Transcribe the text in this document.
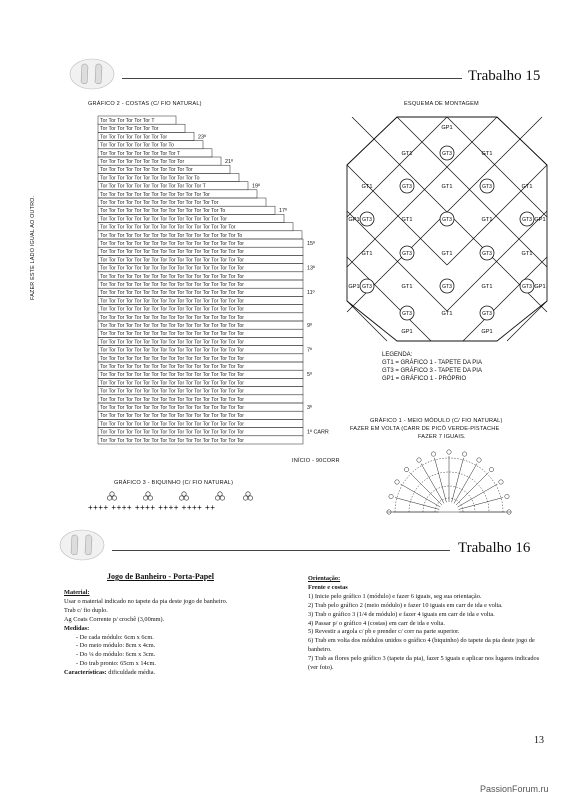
Trabalho 15
GRÁFICO 2 - COSTAS (C/ FIO NATURAL)
FAZER ESTE LADO IGUAL AO OUTRO.
Tor Tor Tor Tor Tor Tor T
Tor Tor Tor Tor Tor Tor Tor
Tor Tor Tor Tor Tor Tor Tor Tor
Tor Tor Tor Tor Tor Tor Tor Tor To
Tor Tor Tor Tor Tor Tor Tor Tor Tor T
Tor Tor Tor Tor Tor Tor Tor Tor Tor Tor
Tor Tor Tor Tor Tor Tor Tor Tor Tor Tor Tor
Tor Tor Tor Tor Tor Tor Tor Tor Tor Tor Tor To
Tor Tor Tor Tor Tor Tor Tor Tor Tor Tor Tor Tor T
Tor Tor Tor Tor Tor Tor Tor Tor Tor Tor Tor Tor Tor
Tor Tor Tor Tor Tor Tor Tor Tor Tor Tor Tor Tor Tor Tor
Tor Tor Tor Tor Tor Tor Tor Tor Tor Tor Tor Tor Tor Tor To
Tor Tor Tor Tor Tor Tor Tor Tor Tor Tor Tor Tor Tor Tor Tor
Tor Tor Tor Tor Tor Tor Tor Tor Tor Tor Tor Tor Tor Tor Tor Tor
Tor Tor Tor Tor Tor Tor Tor Tor Tor Tor Tor Tor Tor Tor Tor Tor To
Tor Tor Tor Tor Tor Tor Tor Tor Tor Tor Tor Tor Tor Tor Tor Tor Tor
Tor Tor Tor Tor Tor Tor Tor Tor Tor Tor Tor Tor Tor Tor Tor Tor Tor
Tor Tor Tor Tor Tor Tor Tor Tor Tor Tor Tor Tor Tor Tor Tor Tor Tor
Tor Tor Tor Tor Tor Tor Tor Tor Tor Tor Tor Tor Tor Tor Tor Tor Tor
Tor Tor Tor Tor Tor Tor Tor Tor Tor Tor Tor Tor Tor Tor Tor Tor Tor
Tor Tor Tor Tor Tor Tor Tor Tor Tor Tor Tor Tor Tor Tor Tor Tor Tor
Tor Tor Tor Tor Tor Tor Tor Tor Tor Tor Tor Tor Tor Tor Tor Tor Tor
Tor Tor Tor Tor Tor Tor Tor Tor Tor Tor Tor Tor Tor Tor Tor Tor Tor
Tor Tor Tor Tor Tor Tor Tor Tor Tor Tor Tor Tor Tor Tor Tor Tor Tor
Tor Tor Tor Tor Tor Tor Tor Tor Tor Tor Tor Tor Tor Tor Tor Tor Tor
Tor Tor Tor Tor Tor Tor Tor Tor Tor Tor Tor Tor Tor Tor Tor Tor Tor
Tor Tor Tor Tor Tor Tor Tor Tor Tor Tor Tor Tor Tor Tor Tor Tor Tor
Tor Tor Tor Tor Tor Tor Tor Tor Tor Tor Tor Tor Tor Tor Tor Tor Tor
Tor Tor Tor Tor Tor Tor Tor Tor Tor Tor Tor Tor Tor Tor Tor Tor Tor
Tor Tor Tor Tor Tor Tor Tor Tor Tor Tor Tor Tor Tor Tor Tor Tor Tor
Tor Tor Tor Tor Tor Tor Tor Tor Tor Tor Tor Tor Tor Tor Tor Tor Tor
Tor Tor Tor Tor Tor Tor Tor Tor Tor Tor Tor Tor Tor Tor Tor Tor Tor
Tor Tor Tor Tor Tor Tor Tor Tor Tor Tor Tor Tor Tor Tor Tor Tor Tor
Tor Tor Tor Tor Tor Tor Tor Tor Tor Tor Tor Tor Tor Tor Tor Tor Tor
Tor Tor Tor Tor Tor Tor Tor Tor Tor Tor Tor Tor Tor Tor Tor Tor Tor
Tor Tor Tor Tor Tor Tor Tor Tor Tor Tor Tor Tor Tor Tor Tor Tor Tor
Tor Tor Tor Tor Tor Tor Tor Tor Tor Tor Tor Tor Tor Tor Tor Tor Tor
Tor Tor Tor Tor Tor Tor Tor Tor Tor Tor Tor Tor Tor Tor Tor Tor Tor
Tor Tor Tor Tor Tor Tor Tor Tor Tor Tor Tor Tor Tor Tor Tor Tor Tor
Tor Tor Tor Tor Tor Tor Tor Tor Tor Tor Tor Tor Tor Tor Tor Tor Tor
23º
21º
19º
17º
15º
13º
11º
9º
7º
5º
3º
1º CARR
INÍCIO - 90CORR
ESQUEMA DE MONTAGEM
GT3
GT3	GT3
GT3	GT3	GT3
GT3	GT3
GT3	GT3	GT3
GT3	GT3
GP1
GT1	GT1
GT1
GT1	GT1
GT1	GT1
GP1	GP1
GT1
GT1	GT1
GT1	GT1
GT1
GP1	GP1
GP1	GP1
LEGENDA:
GT1 = GRÁFICO 1 - TAPETE DA PIA
GT3 = GRÁFICO 3 - TAPETE DA PIA
GP1 = GRÁFICO 1 - PRÓPRIO
GRÁFICO 1 - MEIO MÓDULO (C/ FIO NATURAL)
FAZER EM VOLTA (CARR DE PICÔ VERDE-PISTACHE
FAZER 7 IGUAIS.
GRÁFICO 3 - BIQUINHO (C/ FIO NATURAL)
++++ ++++ ++++ ++++ ++++ ++
Trabalho 16
Jogo de Banheiro - Porta-Papel

Material:

Usar o material indicado no tapete da pia deste jogo de banheiro.

Trab c/ fio duplo.

Ag Coats Corrente p/ crochê (3,00mm).

Medidas:

- De cada módulo: 6cm x 6cm.

- Do meio módulo: 8cm x 4cm.

- Do ¼ do módulo: 6cm x 3cm.

- Do trab pronto: 65cm x 14cm.

Características: dificuldade média.

Orientação:

Frente e costas

1) Inicie pelo gráfico 1 (módulo) e fazer 6 iguais, seg sua orientação.

2) Trab pelo gráfico 2 (meio módulo) e fazer 10 iguais em carr de ida e volta.

3) Trab o gráfico 3 (1/4 de módulo) e fazer 4 iguais em carr de ida e volta.

4) Passar p/ o gráfico 4 (costas) em carr de ida e volta.

5) Revestir a argola c/ pb e prender c/ corr na parte superior.

6) Trab em volta dos módulos unidos o gráfico 4 (biquinho) do tapete da pia deste jogo de banheiro.

7) Trab as flores pelo gráfico 3 (tapete da pia), fazer 5 iguais e aplicar nos lugares indicados (ver foto).

13
PassionForum.ru
